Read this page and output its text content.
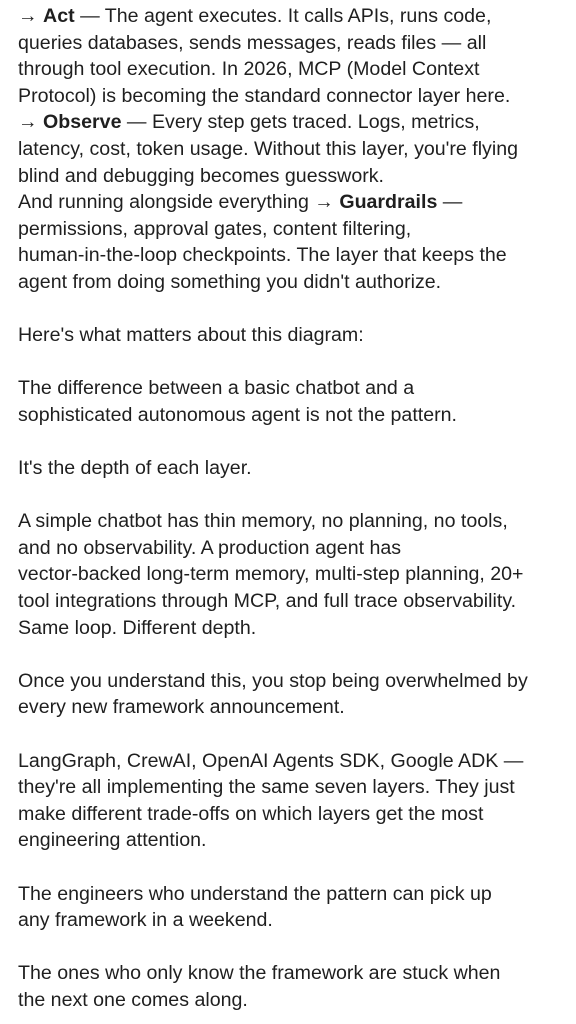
→ Act — The agent executes. It calls APIs, runs code,
queries databases, sends messages, reads files — all
through tool execution. In 2026, MCP (Model Context
Protocol) is becoming the standard connector layer here.
→ Observe — Every step gets traced. Logs, metrics,
latency, cost, token usage. Without this layer, you're flying
blind and debugging becomes guesswork.
And running alongside everything → Guardrails —
permissions, approval gates, content filtering,
human-in-the-loop checkpoints. The layer that keeps the
agent from doing something you didn't authorize.

Here's what matters about this diagram:

The difference between a basic chatbot and a
sophisticated autonomous agent is not the pattern.

It's the depth of each layer.

A simple chatbot has thin memory, no planning, no tools,
and no observability. A production agent has
vector-backed long-term memory, multi-step planning, 20+
tool integrations through MCP, and full trace observability.
Same loop. Different depth.

Once you understand this, you stop being overwhelmed by
every new framework announcement.

LangGraph, CrewAI, OpenAI Agents SDK, Google ADK —
they're all implementing the same seven layers. They just
make different trade-offs on which layers get the most
engineering attention.

The engineers who understand the pattern can pick up
any framework in a weekend.

The ones who only know the framework are stuck when
the next one comes along.
